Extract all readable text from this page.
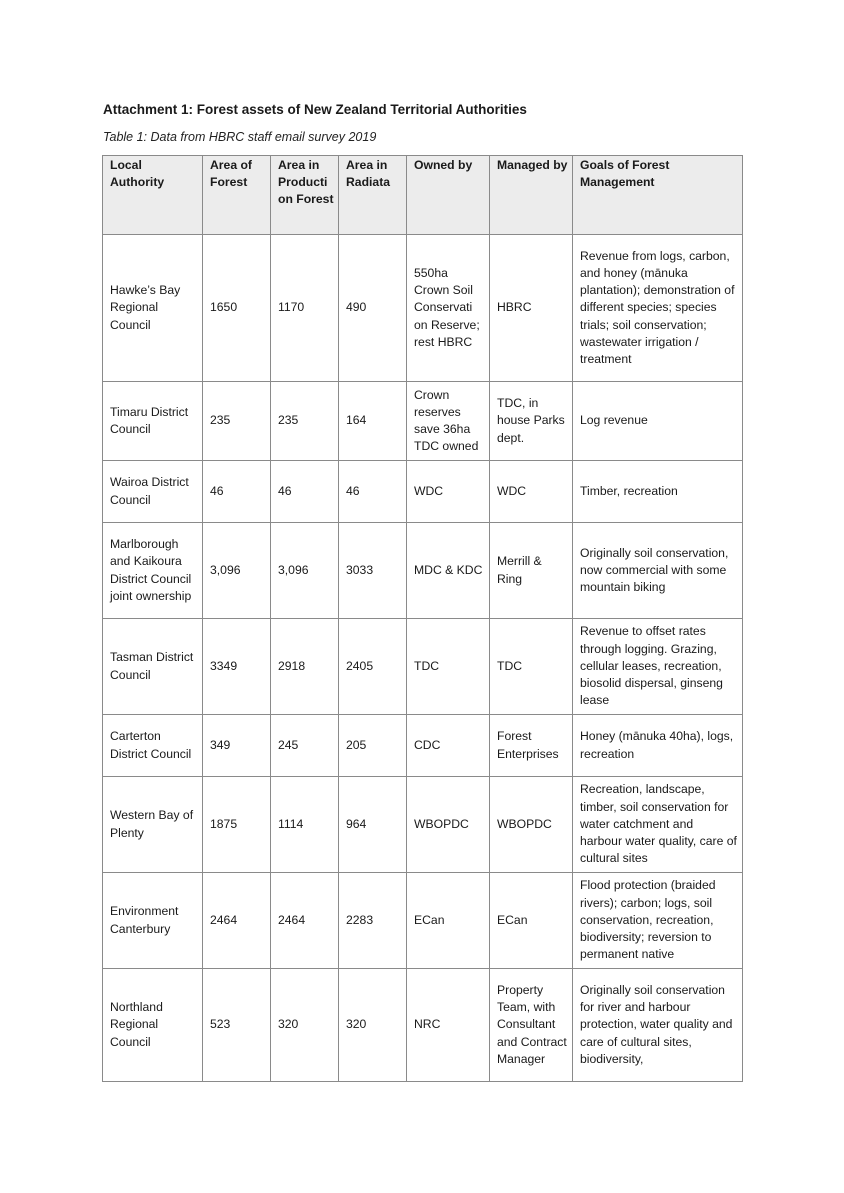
Attachment 1: Forest assets of New Zealand Territorial Authorities

Table 1: Data from HBRC staff email survey 2019

Local Authority	Area of Forest	Area in Producti on Forest	Area in Radiata	Owned by	Managed by	Goals of Forest Management
Hawke’s Bay Regional Council	1650	1170	490	550ha Crown Soil Conservati on Reserve; rest HBRC	HBRC	Revenue from logs, carbon, and honey (mānuka plantation); demonstration of different species; species trials; soil conservation; wastewater irrigation / treatment
Timaru District Council	235	235	164	Crown reserves save 36ha TDC owned	TDC, in house Parks dept.	Log revenue
Wairoa District Council	46	46	46	WDC	WDC	Timber, recreation
Marlborough and Kaikoura District Council joint ownership	3,096	3,096	3033	MDC & KDC	Merrill & Ring	Originally soil conservation, now commercial with some mountain biking
Tasman District Council	3349	2918	2405	TDC	TDC	Revenue to offset rates through logging. Grazing, cellular leases, recreation, biosolid dispersal, ginseng lease
Carterton District Council	349	245	205	CDC	Forest Enterprises	Honey (mānuka 40ha), logs, recreation
Western Bay of Plenty	1875	1114	964	WBOPDC	WBOPDC	Recreation, landscape, timber, soil conservation for water catchment and harbour water quality, care of cultural sites
Environment Canterbury	2464	2464	2283	ECan	ECan	Flood protection (braided rivers); carbon; logs, soil conservation, recreation, biodiversity; reversion to permanent native
Northland Regional Council	523	320	320	NRC	Property Team, with Consultant and Contract Manager	Originally soil conservation for river and harbour protection, water quality and care of cultural sites, biodiversity,
